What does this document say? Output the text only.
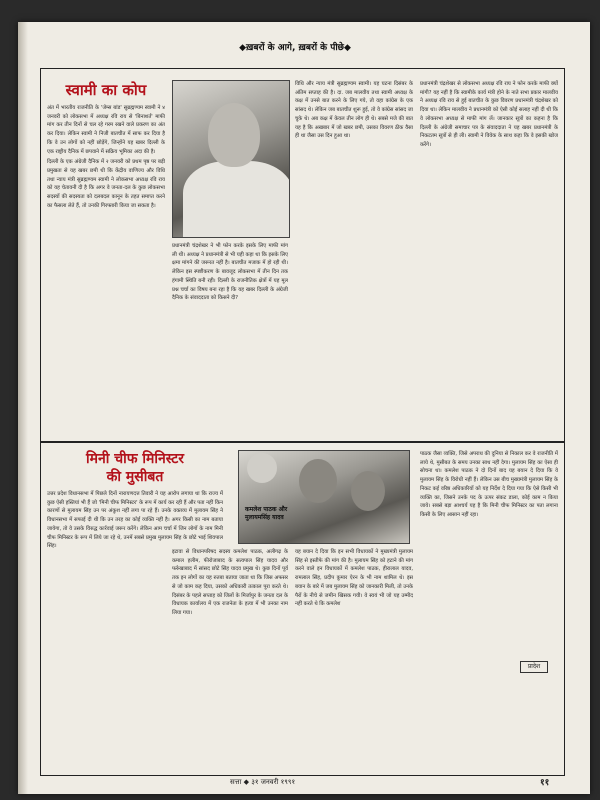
◆ख़बरों के आगे, ख़बरों के पीछे◆
स्वामी का कोप

अंत में भारतीय राजनीति के 'जेम्स बांड' सुब्रह्मण्यम स्वामी ने ४ जनवरी को लोकसभा में अध्यक्ष रवि राय से 'बिनाशर्त' माफी मांग कर तीन दिनों से चल रहे गरम रखने वाले प्रकरण का अंत कर दिया। लेकिन स्वामी ने निजी बातचीत में साफ कर दिया है कि वे उन लोगों को नहीं छोड़ेंगे, जिन्होंने यह खबर दिल्ली के एक राष्ट्रीय दैनिक में छपवाने में सक्रिय भूमिका अदा की है।

दिल्ली के एक अंग्रेजी दैनिक में २ जनवरी को प्रथम पृष्ठ पर बड़ी प्रमुखता से यह खबर छपी थी कि केंद्रीय वाणिज्य और विधि तथा न्याय मंत्री सुब्रह्मण्यम स्वामी ने लोकसभा अध्यक्ष रवि राय को यह चेतावनी दी है कि अगर वे जनता-दल के कुछ लोकसभा सदस्यों की सदस्यता को दलबदल कानून के तहत समाप्त करने का फैसला लेते हैं, तो उनकी गिरफ्तारी किया जा सकता है।

प्रधानमंत्री चंद्रशेखर ने भी फोन करके इसके लिए माफी मांग ली थी। अध्यक्ष ने प्रधानमंत्री से भी यही कहा था कि इसके लिए क्षमा मांगने की जरूरत नहीं है। बातचीत मजाक में हो रही थी। लेकिन इस स्पष्टीकरण के बावजूद लोकसभा में तीन दिन तक हंगामी स्थिति बनी रही। दिल्ली के राजनीतिक क्षेत्रों में यह मूल प्रश्न चर्चा का विषय बना रहा है कि यह खबर दिल्ली के अंग्रेजी दैनिक के संवाददाता को किसने दी?

विधि और न्याय मंत्री सुब्रह्मण्यम स्वामी। यह घटना दिसंबर के अंतिम सप्ताह की है। दा. जब मालवीय तथा स्वामी अध्यक्ष के कक्ष में उनसे बात करने के लिए गये, तो वहा कांग्रेस के एक सांसद थे। लेकिन जब बातचीत शुरू हुई, तो वे कांग्रेस सांसद जा चुके थे। अब कक्ष में केवल तीन लोग ही थे। सबसे मजे की बात यह है कि अखबार में जो खबर छपी, उसका विवरण ठीक वैसा ही था जैसा उस दिन हुआ था।

प्रधानमंत्री चंद्रशेखर से लोकसभा अध्यक्ष रवि राय ने फोन करके माफी क्यों मांगी? यह नहीं है कि स्वामीके कार्य मंत्री होने के नाते सभा प्रकार मालवीय ने अध्यक्ष रवि राय से हुई बातचीत के कुछ विवरण प्रधानमंत्री चंद्रशेखर को दिया था। लेकिन मालवीय ने प्रधानमंत्री को ऐसी कोई सलाह नहीं दी थी कि वे लोकसभा अध्यक्ष से माफी मांग लें। जानकार सूत्रों का कहना है कि दिल्ली के अंग्रेजी समाचार पत्र के संवाददाता ने यह खबर प्रधानमंत्री के निकटतम सूत्रों से ही ली। स्वामी ने विवेक के साथ कहा कि वे इसकी खोज करेंगे।

मिनी चीफ मिनिस्टर
की मुसीबत

उत्तर प्रदेश विधानसभा में पिछले दिनों नारायणदत्त तिवारी ने यह आरोप लगाया था कि राज्य में कुछ ऐसी हस्तियां भी हैं जो 'मिनी चीफ मिनिस्टर' के रूप में कार्य कर रही हैं और पता नहीं किन कारणों से मुलायम सिंह उन पर अंकुश नहीं लगा पा रहे हैं। उनके वक्तव्य में मुलायम सिंह ने विधानसभा में सफाई दी थी कि उन तरह का कोई व्यक्ति नहीं है। अगर किसी का नाम बताया जायेगा, तो वे उसके विरुद्ध कार्रवाई जरूर करेंगे। लेकिन आम चर्चा में जिन लोगों के नाम मिनी चीफ मिनिस्टर के रूप में लिये जा रहे थे, उनमें सबसे प्रमुख मुलायम सिंह के छोटे भाई शिवपाल सिंह।

कमलेश पाठक और मुलायमसिंह यादव

इटावा से विधानपरिषद सदस्य कमलेश पाठक, अलीगढ़ के कमाल हलीम, फीरोजाबाद के सत्यपाल सिंह यादव और फर्रुखाबाद में सांसद छोटे सिंह यादव प्रमुख थे। कुछ दिनों पूर्व तक इन लोगों का यह रुतबा बताया जाता था कि जिस अफसर से जो काम कह दिया, उसको अधिकारी तत्काल पूरा करते थे। दिसंबर के पहले सप्ताह को जिलों के मिर्जापुर के जनता दल के विधायक कार्यालय में एक राजनेता के हत्या में भी उनका नाम लिया गया।

यह बयान दे दिया कि इन सभी विधायकों ने मुख्यमंत्री मुलायम सिंह से इस्तीफे की मांग की है। मुलायम सिंह को हटाने की मांग करने वाले इन विधायकों में कमलेश पाठक, हीरालाल यादव, रामलाल सिंह, प्रदीप कुमार ऐरन के भी नाम शामिल थे। इस बयान के बारे में जब मुलायम सिंह को जानकारी मिली, तो उनके पैरों के नीचे से जमीन खिसक गयी। वे स्वयं भी जो यह उम्मीद नहीं करते थे कि कमलेश

पाठक जैसा व्यक्ति, जिसे अपराध की दुनिया से निकाल कर वे राजनीति में लाये थे, मुसीबत के समय उनका साथ नहीं देगा। मुलायम सिंह का ऐसा ही सोचना था। कमलेश पाठक ने दो दिनों बाद यह बयान दे दिया कि वे मुलायम सिंह के विरोधी नहीं हैं। लेकिन उस बीच मुख्यमंत्री मुलायम सिंह के निकट कई वरिष्ठ अधिकारियों को यह निर्देश दे दिया गया कि ऐसे किसी भी व्यक्ति का, जिसने उनके पद के ऊपर संकट डाला, कोई काम न किया जाये। सबसे बड़ा आश्चर्य यह है कि मिनी चीफ मिनिस्टर का पता लगाना किसी के लिए आसान नहीं रहा।

प्रादेश
सत्ता ◆ ३१ जनवरी १९९१	११
